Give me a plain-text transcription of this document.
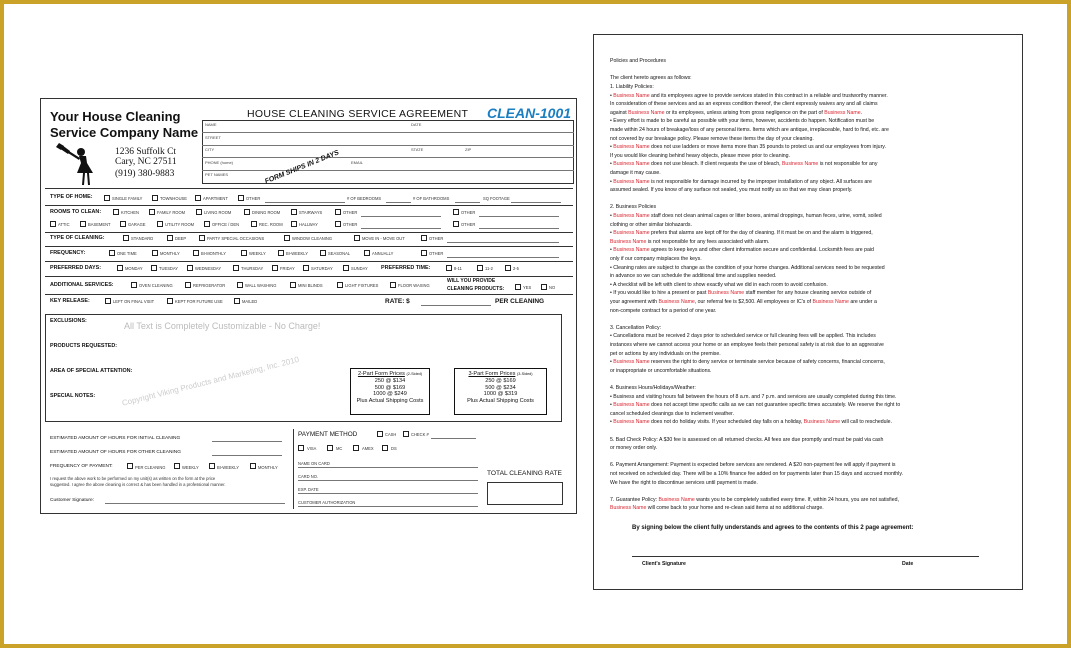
Your House Cleaning
Service Company Name
1236 Suffolk Ct
Cary, NC 27511
(919) 380-9883
HOUSE CLEANING SERVICE AGREEMENT CLEAN-1001
NAME	DATE
STREET
CITY	STATE	ZIP
PHONE (home)	EMAIL
PET NAMES	FORM SHIPS IN 2 DAYS
TYPE OF HOME:	SINGLE FAMILY	TOWNHOUSE	APARTMENT	OTHER	# OF BEDROOMS	# OF BATHROOMS	SQ FOOTAGE
ROOMS TO CLEAN:	KITCHEN	FAMILY ROOM	LIVING ROOM	DINING ROOM	STAIRWAYS	OTHER	OTHER
ATTIC	BASEMENT	GARAGE	UTILITY ROOM	OFFICE / DEN	REC. ROOM	HALLWAY	OTHER	OTHER
TYPE OF CLEANING:	STANDARD	DEEP	PARTY SPECIAL OCCASIONS	WINDOW CLEANING	MOVE IN - MOVE OUT	OTHER
FREQUENCY:	ONE TIME	MONTHLY	BI-MONTHLY	WEEKLY	BI-WEEKLY	SEASONAL	ANNUALLY	OTHER
PREFERRED DAYS:	MONDAY	TUESDAY	WEDNESDAY	THURSDAY	FRIDAY	SATURDAY	SUNDAY PREFERRED TIME:	8-11	11-2	2-5
ADDITIONAL SERVICES:	OVEN CLEANING	REFRIGERATOR	WALL WASHING	MINI BLINDS	LIGHT FIXTURES	FLOOR WAXING
WILL YOU PROVIDE
CLEANING PRODUCTS:	YES	NO
KEY RELEASE:	LEFT ON FINAL VISIT	KEPT FOR FUTURE USE	MAILED	RATE: $	PER CLEANING
EXCLUSIONS:	All Text is Completely Customizable - No Charge!
PRODUCTS REQUESTED:
AREA OF SPECIAL ATTENTION:
SPECIAL NOTES:	Copyright Viking Products and Marketing, Inc. 2010	2-Part Form Prices (2-Sided)
250 @ $134
500 @ $169
1000 @ $249
Plus Actual Shipping Costs
3-Part Form Prices (3-Sided)
250 @ $169
500 @ $234
1000 @ $319
Plus Actual Shipping Costs
ESTIMATED AMOUNT OF HOURS FOR INITIAL CLEANING
ESTIMATED AMOUNT OF HOURS FOR OTHER CLEANING
FREQUENCY OF PAYMENT:	PER CLEANING	WEEKLY	BI-WEEKLY	MONTHLY
I request the above work to be performed on my unit(s) as written on the form at the price
suggested. I agree the above cleaning is correct & has been handled in a professional manner.
Customer Signature:
PAYMENT METHOD	CASH	CHECK #
VISA	MC	AMEX	DS
NAME ON CARD
CARD NO.
EXP. DATE
CUSTOMER AUTHORIZATION
TOTAL CLEANING RATE
Policies and Procedures
The client hereto agrees as follows:
1. Liability Policies:
• Business Name and its employees agree to provide services stated in this contract in a reliable and trustworthy manner.
In consideration of these services and as an express condition thereof, the client expressly waives any and all claims
against Business Name or its employees, unless arising from gross negligence on the part of Business Name.
• Every effort is made to be careful as possible with your items, however, accidents do happen. Notification must be
made within 24 hours of breakage/loss of any personal items. Items which are antique, irreplaceable, hard to find, etc. are
not covered by our breakage policy. Please remove these items the day of your cleaning.
• Business Name does not use ladders or move items more than 35 pounds to protect us and our employees from injury.
If you would like cleaning behind heavy objects, please move prior to cleaning.
• Business Name does not use bleach. If client requests the use of bleach, Business Name is not responsible for any
damage it may cause.
• Business Name is not responsible for damage incurred by the improper installation of any object. All surfaces are
assumed sealed. If you know of any surface not sealed, you must notify us so that we may clean properly.
2. Business Policies
• Business Name staff does not clean animal cages or litter boxes, animal droppings, human feces, urine, vomit, soiled
clothing or other similar biohazards.
• Business Name prefers that alarms are kept off for the day of cleaning. If it must be on and the alarm is triggered,
Business Name is not responsible for any fees associated with alarm.
• Business Name agrees to keep keys and other client information secure and confidential. Locksmith fees are paid
only if our company misplaces the keys.
• Cleaning rates are subject to change as the condition of your home changes. Additional services need to be requested
in advance so we can schedule the additional time and supplies needed.
• A checklist will be left with client to show exactly what we did in each room to avoid confusion.
• If you would like to hire a present or past Business Name staff member for any house cleaning service outside of
your agreement with Business Name, our referral fee is $2,500. All employees or IC's of Business Name are under a
non-compete contract for a period of one year.
3. Cancellation Policy:
• Cancellations must be received 2 days prior to scheduled service or full cleaning fees will be applied. This includes
instances where we cannot access your home or an employee feels their personal safety is at risk due to an aggressive
pet or actions by any individuals on the premise.
• Business Name reserves the right to deny service or terminate service because of safety concerns, financial concerns,
or inappropriate or uncomfortable situations.
4. Business Hours/Holidays/Weather:
• Business and visiting hours fall between the hours of 8 a.m. and 7 p.m. and services are usually completed during this time.
• Business Name does not accept time specific calls as we can not guarantee specific times accurately. We reserve the right to
cancel scheduled cleanings due to inclement weather.
• Business Name does not do holiday visits. If your scheduled day falls on a holiday, Business Name will call to reschedule.
5. Bad Check Policy: A $30 fee is assessed on all returned checks. All fees are due promptly and must be paid via cash
or money order only.
6. Payment Arrangement: Payment is expected before services are rendered. A $20 non-payment fee will apply if payment is
not received on scheduled day. There will be a 10% finance fee added on for payments later than 15 days and accrued monthly.
We have the right to discontinue services until payment is made.
7. Guarantee Policy: Business Name wants you to be completely satisfied every time. If, within 24 hours, you are not satisfied,
Business Name will come back to your home and re-clean said items at no additional charge.
By signing below the client fully understands and agrees to the contents of this 2 page agreement:
Client's Signature	Date
